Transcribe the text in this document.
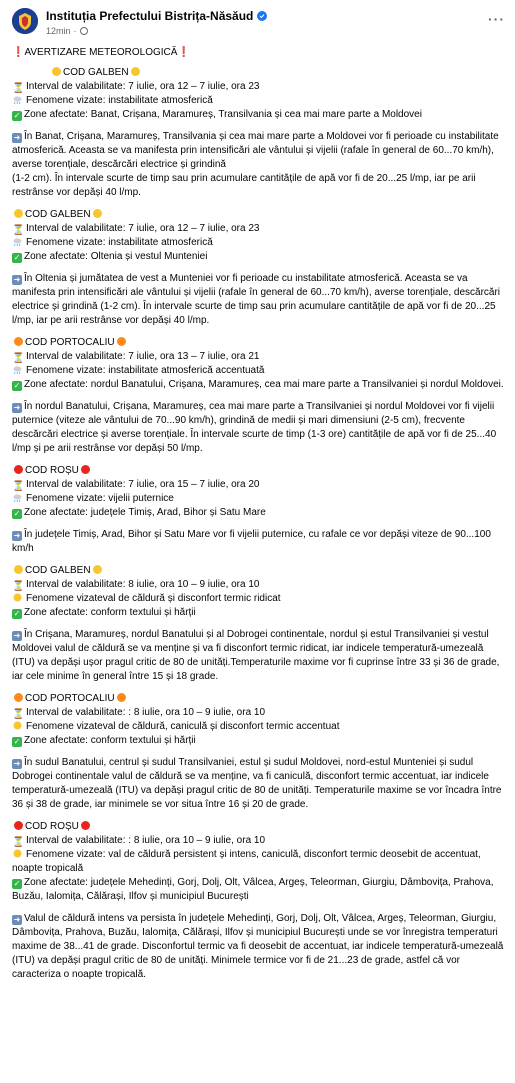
Instituția Prefectului Bistrița-Năsăud
12min ·
···
❗AVERTIZARE METEOROLOGICĂ❗
COD GALBEN
⏳ Interval de valabilitate: 7 iulie, ora 12 – 7 iulie, ora 23
Fenomene vizate: instabilitate atmosferică
✓ Zone afectate: Banat, Crișana, Maramureș, Transilvania și cea mai mare parte a Moldovei
➜ În Banat, Crișana, Maramureș, Transilvania și cea mai mare parte a Moldovei vor fi perioade cu instabilitate atmosferică. Aceasta se va manifesta prin intensificări ale vântului și vijelii (rafale în general de 60...70 km/h), averse torențiale, descărcări electrice și grindină
(1-2 cm). În intervale scurte de timp sau prin acumulare cantitățile de apă vor fi de 20...25 l/mp, iar pe arii restrânse vor depăși 40 l/mp.
COD GALBEN
⏳ Interval de valabilitate: 7 iulie, ora 12 – 7 iulie, ora 23
Fenomene vizate: instabilitate atmosferică
✓ Zone afectate: Oltenia și vestul Munteniei
➜ În Oltenia și jumătatea de vest a Munteniei vor fi perioade cu instabilitate atmosferică. Aceasta se va manifesta prin intensificări ale vântului și vijelii (rafale în general de 60...70 km/h), averse torențiale, descărcări electrice și grindină (1-2 cm). În intervale scurte de timp sau prin acumulare cantitățile de apă vor fi de 20...25 l/mp, iar pe arii restrânse vor depăși 40 l/mp.
COD PORTOCALIU
⏳ Interval de valabilitate: 7 iulie, ora 13 – 7 iulie, ora 21
Fenomene vizate: instabilitate atmosferică accentuată
✓ Zone afectate: nordul Banatului, Crișana, Maramureș, cea mai mare parte a Transilvaniei și nordul Moldovei.
➜ În nordul Banatului, Crișana, Maramureș, cea mai mare parte a Transilvaniei și nordul Moldovei vor fi vijelii puternice (viteze ale vântului de 70...90 km/h), grindină de medii și mari dimensiuni (2-5 cm), frecvente descărcări electrice și averse torențiale. În intervale scurte de timp (1-3 ore) cantitățile de apă vor fi de 25...40 l/mp și pe arii restrânse vor depăși 50 l/mp.
COD ROȘU
⏳ Interval de valabilitate: 7 iulie, ora 15 – 7 iulie, ora 20
Fenomene vizate: vijelii puternice
✓ Zone afectate: județele Timiș, Arad, Bihor și Satu Mare
➜ În județele Timiș, Arad, Bihor și Satu Mare vor fi vijelii puternice, cu rafale ce vor depăși viteze de 90...100 km/h
COD GALBEN
⏳ Interval de valabilitate: 8 iulie, ora 10 – 9 iulie, ora 10
Fenomene vizateval de căldură și disconfort termic ridicat
✓ Zone afectate: conform textului și hărții
➜ În Crișana, Maramureș, nordul Banatului și al Dobrogei continentale, nordul și estul Transilvaniei și vestul Moldovei valul de căldură se va menține și va fi disconfort termic ridicat, iar indicele temperatură-umezeală (ITU) va depăși ușor pragul critic de 80 de unități.Temperaturile maxime vor fi cuprinse între 33 și 36 de grade, iar cele minime în general între 15 și 18 grade.
COD PORTOCALIU
⏳ Interval de valabilitate: : 8 iulie, ora 10 – 9 iulie, ora 10
Fenomene vizateval de căldură, caniculă și disconfort termic accentuat
✓ Zone afectate: conform textului și hărții
➜ În sudul Banatului, centrul și sudul Transilvaniei, estul și sudul Moldovei, nord-estul Munteniei și sudul Dobrogei continentale valul de căldură se va menține, va fi caniculă, disconfort termic accentuat, iar indicele temperatură-umezeală (ITU) va depăși pragul critic de 80 de unități. Temperaturile maxime se vor încadra între 36 și 38 de grade, iar minimele se vor situa între 16 și 20 de grade.
COD ROȘU
⏳ Interval de valabilitate: : 8 iulie, ora 10 – 9 iulie, ora 10
Fenomene vizate: val de căldură persistent și intens, caniculă, disconfort termic deosebit de accentuat, noapte tropicală
✓ Zone afectate: județele Mehedinți, Gorj, Dolj, Olt, Vâlcea, Argeș, Teleorman, Giurgiu, Dâmbovița, Prahova, Buzău, Ialomița, Călărași, Ilfov și municipiul București
➜ Valul de căldură intens va persista în județele Mehedinți, Gorj, Dolj, Olt, Vâlcea, Argeș, Teleorman, Giurgiu, Dâmbovița, Prahova, Buzău, Ialomița, Călărași, Ilfov și municipiul București unde se vor înregistra temperaturi maxime de 38...41 de grade. Disconfortul termic va fi deosebit de accentuat, iar indicele temperatură-umezeală (ITU) va depăși pragul critic de 80 de unități. Minimele termice vor fi de 21...23 de grade, astfel că vor caracteriza o noapte tropicală.
